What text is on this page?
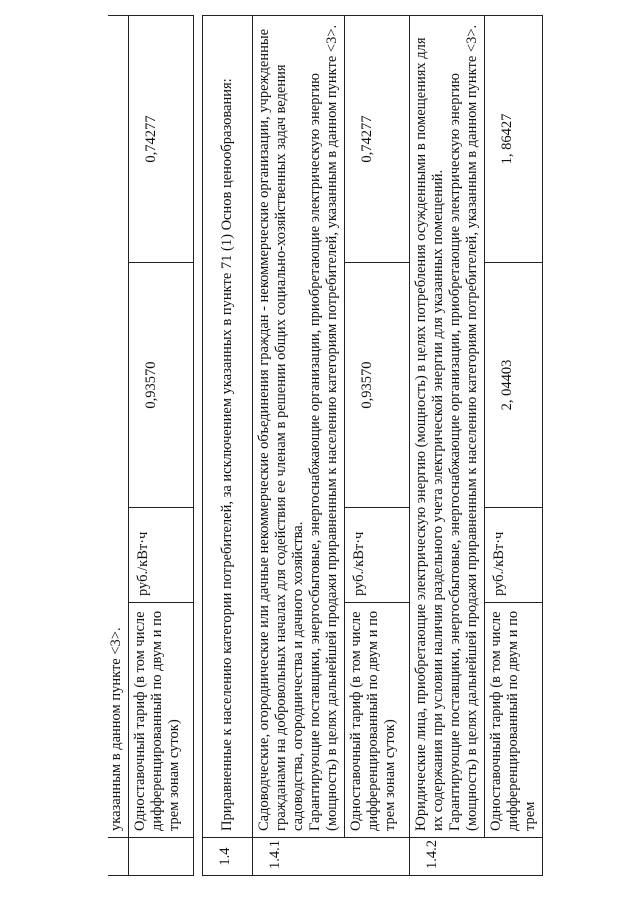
	указанным в данном пункте <3>.			
	Одноставочный тариф (в том числе дифференцированный по двум и по трем зонам суток)	руб./кВт·ч	0,93570	0,74277

1.4	Приравненные к населению категории потребителей, за исключением указанных в пункте 71 (1) Основ ценообразования:			
1.4.1	Садоводческие, огороднические или дачные некоммерческие объединения граждан - некоммерческие организации, учрежденные гражданами на добровольных началах для содействия ее членам в решении общих социально-хозяйственных задач ведения садоводства, огородничества и дачного хозяйства. Гарантирующие поставщики, энергосбытовые, энергоснабжающие организации, приобретающие электрическую энергию (мощность) в целях дальнейшей продажи приравненным к населению категориям потребителей, указанным в данном пункте <3>.			

	Одноставочный тариф (в том числе дифференцированный по двум и по трем зонам суток)	руб./кВт·ч	0,93570	0,74277
1.4.2	Юридические лица, приобретающие электрическую энергию (мощность) в целях потребления осужденными в помещениях для их содержания при условии наличия раздельного учета электрической энергии для указанных помещений. Гарантирующие поставщики, энергосбытовые, энергоснабжающие организации, приобретающие электрическую энергию (мощность) в целях дальнейшей продажи приравненным к населению категориям потребителей, указанным в данном пункте <3>.			

	Одноставочный тариф (в том числе дифференцированный по двум и по трем	руб./кВт·ч	2, 04403	1, 86427
